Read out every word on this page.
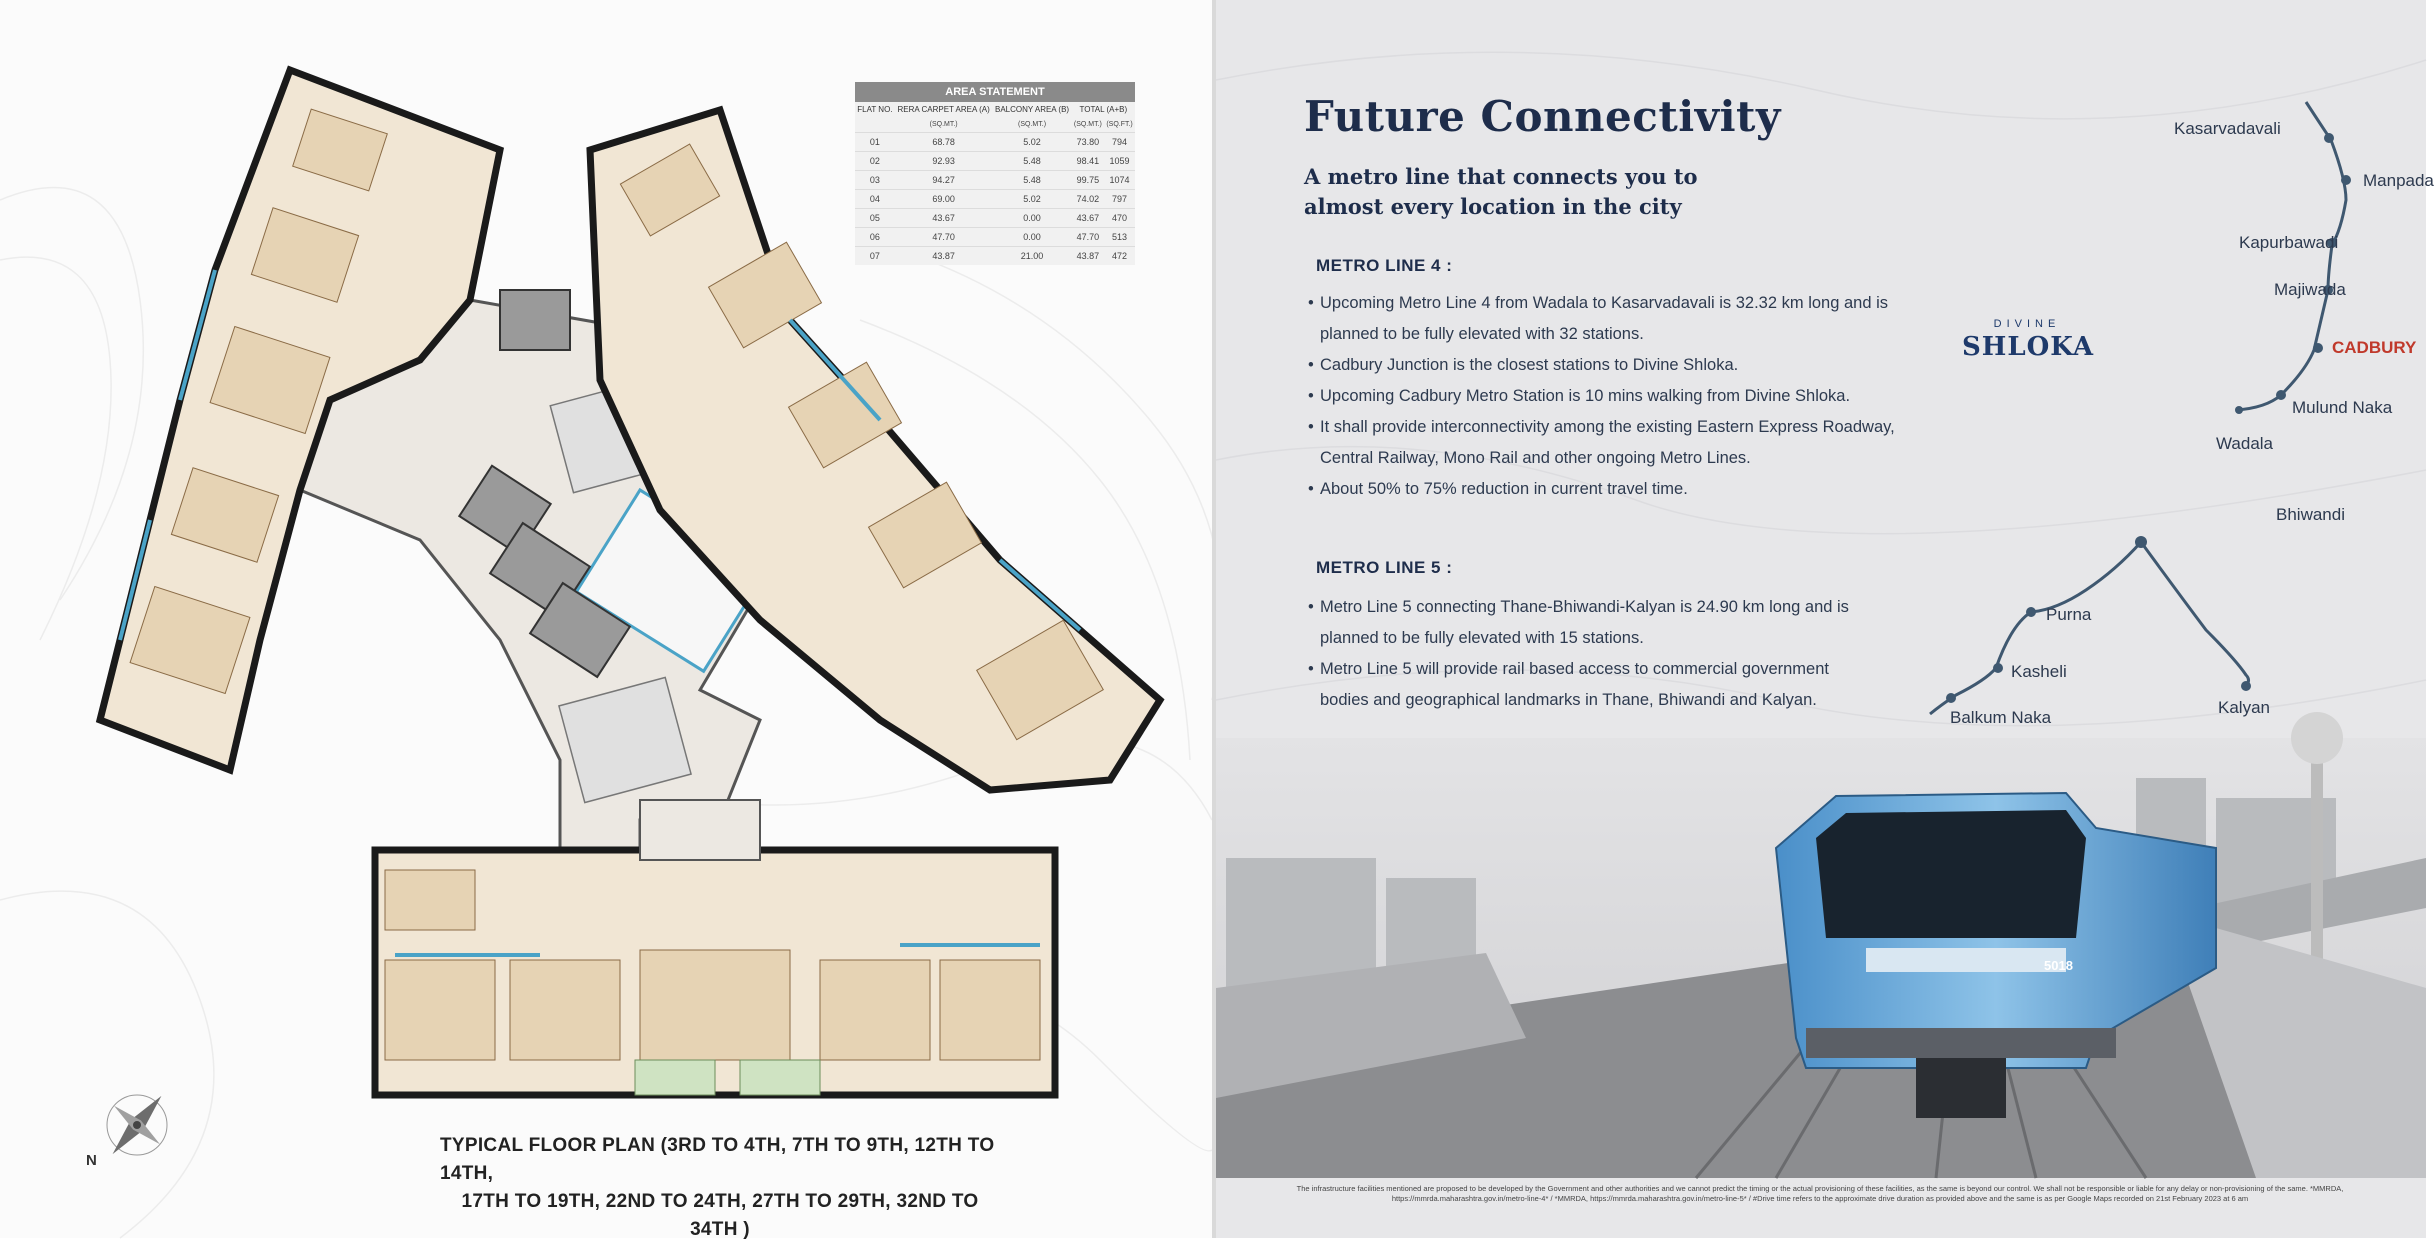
N
AREA STATEMENT
FLAT NO.	RERA CARPET AREA (A)	BALCONY AREA (B)	TOTAL (A+B)	
	(SQ.MT.)	(SQ.MT.)	(SQ.MT.)	(SQ.FT.)
01	68.78	5.02	73.80	794
02	92.93	5.48	98.41	1059
03	94.27	5.48	99.75	1074
04	69.00	5.02	74.02	797
05	43.67	0.00	43.67	470
06	47.70	0.00	47.70	513
07	43.87	21.00	43.87	472
TYPICAL FLOOR PLAN (3RD TO 4TH, 7TH TO 9TH, 12TH TO 14TH,
17TH TO 19TH, 22ND TO 24TH, 27TH TO 29TH, 32ND TO 34TH )
Future Connectivity
A metro line that connects you to almost every location in the city
METRO LINE 4 :
• Upcoming Metro Line 4 from Wadala to Kasarvadavali is 32.32 km long and is
planned to be fully elevated with 32 stations.
• Cadbury Junction is the closest stations to Divine Shloka.
• Upcoming Cadbury Metro Station is 10 mins walking from Divine Shloka.
• It shall provide interconnectivity among the existing Eastern Express Roadway,
Central Railway, Mono Rail and other ongoing Metro Lines.
• About 50% to 75% reduction in current travel time.
METRO LINE 5 :
• Metro Line 5 connecting Thane-Bhiwandi-Kalyan is 24.90 km long and is
planned to be fully elevated with 15 stations.
• Metro Line 5 will provide rail based access to commercial government
bodies and geographical landmarks in Thane, Bhiwandi and Kalyan.
Kasarvadavali
Manpada
Kapurbawadi
Majiwada
CADBURY
Mulund Naka
Wadala
DIVINE
SHLOKA
Bhiwandi
Purna
Kasheli
Balkum Naka
Kalyan
5018
The infrastructure facilities mentioned are proposed to be developed by the Government and other authorities and we cannot predict the timing or the actual provisioning of these facilities, as the same is beyond our control. We shall not be responsible or liable for any delay or non-provisioning of the same. *MMRDA, https://mmrda.maharashtra.gov.in/metro-line-4* / *MMRDA, https://mmrda.maharashtra.gov.in/metro-line-5* / #Drive time refers to the approximate drive duration as provided above and the same is as per Google Maps recorded on 21st February 2023 at 6 am
